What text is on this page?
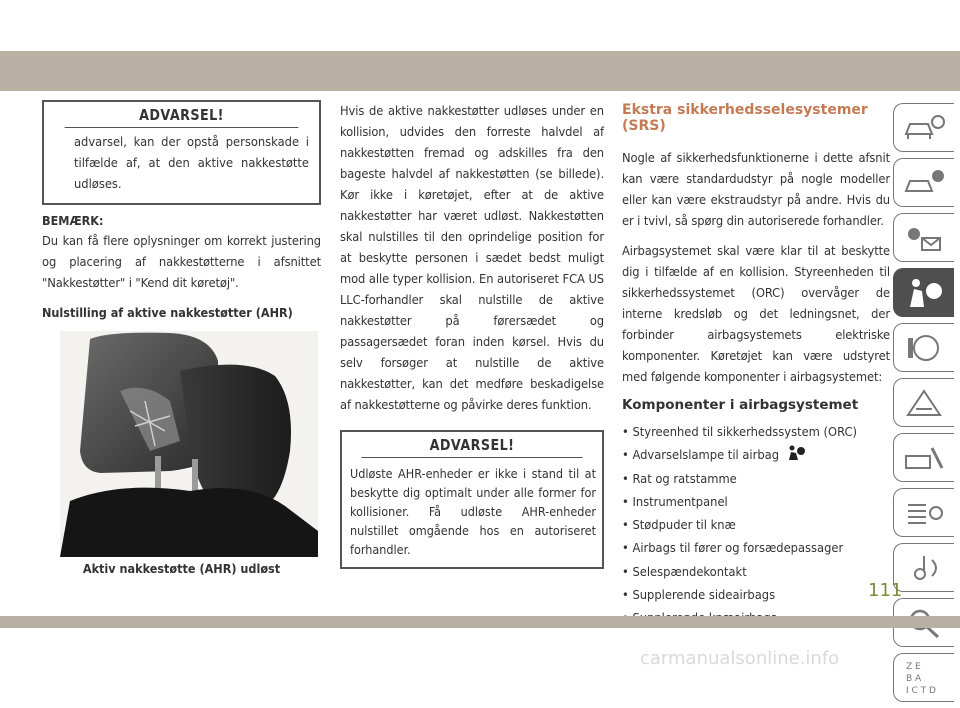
ADVARSEL!
advarsel, kan der opstå personskade i tilfælde af, at den aktive nakkestøtte udløses.
BEMÆRK:

Du kan få flere oplysninger om korrekt justering og placering af nakkestøtterne i afsnittet "Nakkestøtter" i "Kend dit køretøj".

Nulstilling af aktive nakkestøtter (AHR)
Aktiv nakkestøtte (AHR) udløst

Hvis de aktive nakkestøtter udløses under en kollision, udvides den forreste halvdel af nakkestøtten fremad og adskilles fra den bageste halvdel af nakkestøtten (se billede). Kør ikke i køretøjet, efter at de aktive nakkestøtter har været udløst. Nakkestøtten skal nulstilles til den oprindelige position for at beskytte personen i sædet bedst muligt mod alle typer kollision. En autoriseret FCA US LLC-forhandler skal nulstille de aktive nakkestøtter på førersædet og passagersædet foran inden kørsel. Hvis du selv forsøger at nulstille de aktive nakkestøtter, kan det medføre beskadigelse af nakkestøtterne og påvirke deres funktion.

ADVARSEL!
Udløste AHR-enheder er ikke i stand til at beskytte dig optimalt under alle former for kollisioner. Få udløste AHR-enheder nulstillet omgående hos en autoriseret forhandler.
Ekstra sikkerhedsselesystemer (SRS)

Nogle af sikkerhedsfunktionerne i dette afsnit kan være standardudstyr på nogle modeller eller kan være ekstraudstyr på andre. Hvis du er i tvivl, så spørg din autoriserede forhandler.

Airbagsystemet skal være klar til at beskytte dig i tilfælde af en kollision. Styreenheden til sikkerhedssystemet (ORC) overvåger de interne kredsløb og det ledningsnet, der forbinder airbagsystemets elektriske komponenter. Køretøjet kan være udstyret med følgende komponenter i airbagsystemet:

Komponenter i airbagsystemet
• Styreenhed til sikkerhedssystem (ORC)
• Advarselslampe til airbag
• Rat og ratstamme
• Instrumentpanel
• Stødpuder til knæ
• Airbags til fører og forsædepassager
• Selespændekontakt
• Supplerende sideairbags
Z E
B A
I C T D
111
carmanualsonline.info
